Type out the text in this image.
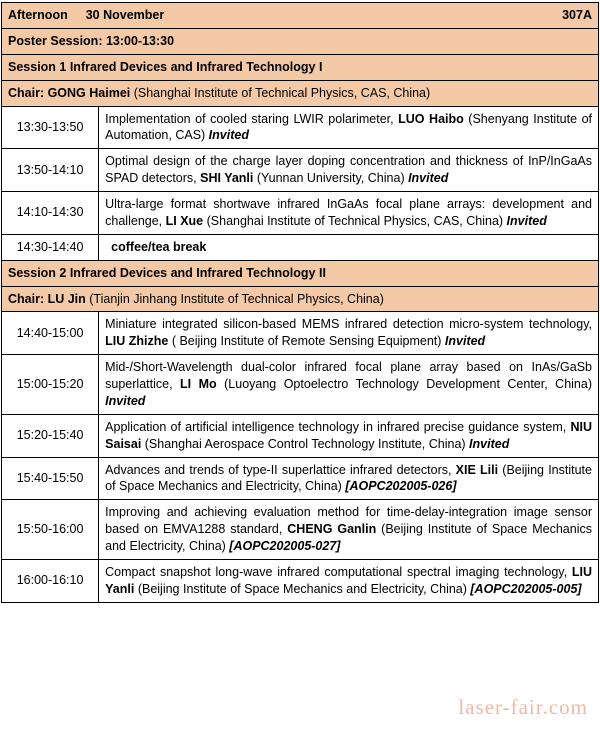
Afternoon 30 November 307A	

Poster Session: 13:00-13:30	
Session 1 Infrared Devices and Infrared Technology I	
Chair: GONG Haimei (Shanghai Institute of Technical Physics, CAS, China)	
13:30-13:50	Implementation of cooled staring LWIR polarimeter, LUO Haibo (Shenyang Institute of Automation, CAS) Invited
13:50-14:10	Optimal design of the charge layer doping concentration and thickness of InP/InGaAs SPAD detectors, SHI Yanli (Yunnan University, China) Invited
14:10-14:30	Ultra-large format shortwave infrared InGaAs focal plane arrays: development and challenge, LI Xue (Shanghai Institute of Technical Physics, CAS, China) Invited
14:30-14:40	coffee/tea break
Session 2 Infrared Devices and Infrared Technology II	
Chair: LU Jin (Tianjin Jinhang Institute of Technical Physics, China)	
14:40-15:00	Miniature integrated silicon-based MEMS infrared detection micro-system technology, LIU Zhizhe ( Beijing Institute of Remote Sensing Equipment) Invited
15:00-15:20	Mid-/Short-Wavelength dual-color infrared focal plane array based on InAs/GaSb superlattice, LI Mo (Luoyang Optoelectro Technology Development Center, China) Invited
15:20-15:40	Application of artificial intelligence technology in infrared precise guidance system, NIU Saisai (Shanghai Aerospace Control Technology Institute, China) Invited
15:40-15:50	Advances and trends of type-II superlattice infrared detectors, XIE Lili (Beijing Institute of Space Mechanics and Electricity, China) [AOPC202005-026]
15:50-16:00	Improving and achieving evaluation method for time-delay-integration image sensor based on EMVA1288 standard, CHENG Ganlin (Beijing Institute of Space Mechanics and Electricity, China) [AOPC202005-027]
16:00-16:10	Compact snapshot long-wave infrared computational spectral imaging technology, LIU Yanli (Beijing Institute of Space Mechanics and Electricity, China) [AOPC202005-005]
laser-fair.com
